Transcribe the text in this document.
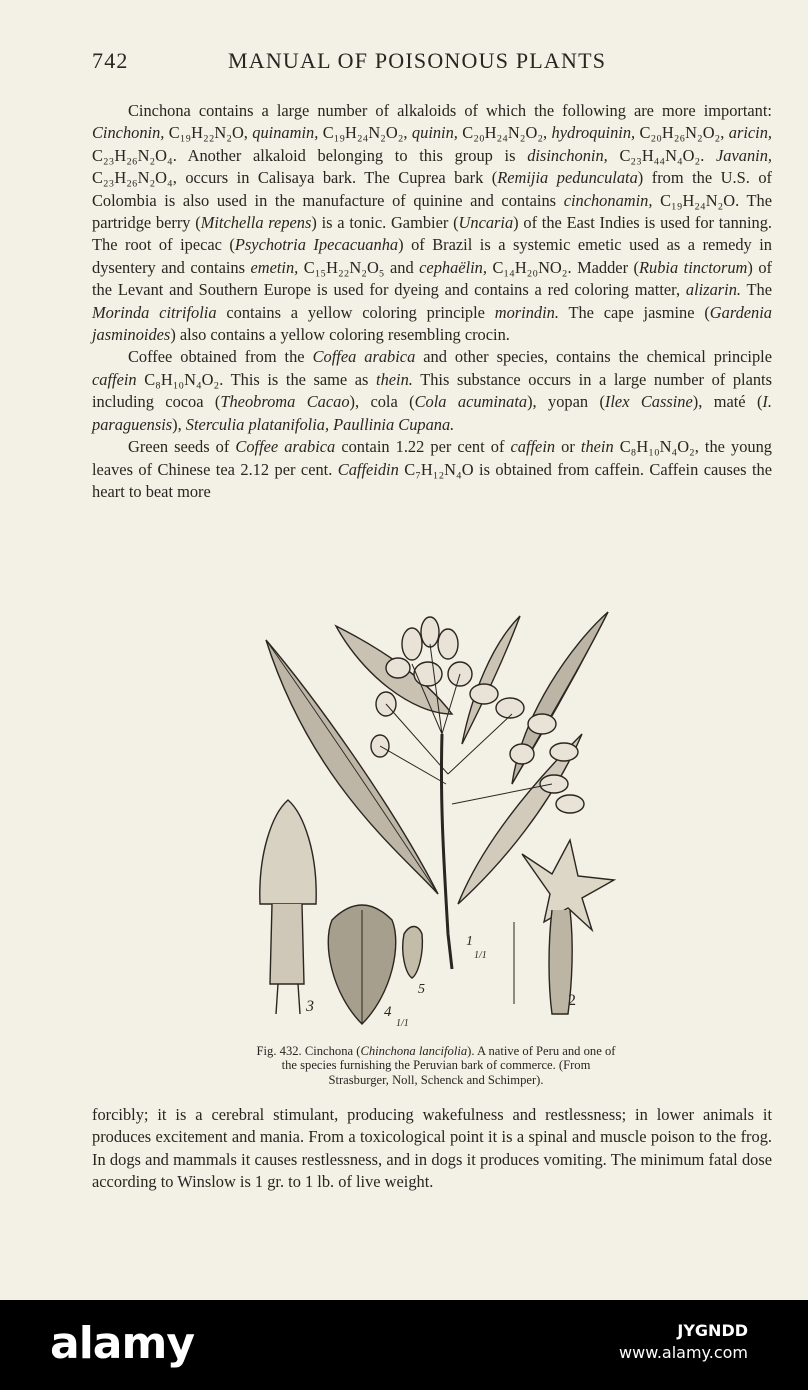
742	MANUAL OF POISONOUS PLANTS

Cinchona contains a large number of alkaloids of which the following are more important: Cinchonin, C₁₉H₂₂N₂O, quinamin, C₁₉H₂₄N₂O₂, quinin, C₂₀H₂₄N₂O₂, hydroquinin, C₂₀H₂₆N₂O₂, aricin, C₂₃H₂₆N₂O₄. Another alkaloid belonging to this group is disinchonin, C₂₃H₄₄N₄O₂. Javanin, C₂₃H₂₆N₂O₄, occurs in Calisaya bark. The Cuprea bark (Remijia pedunculata) from the U.S. of Colombia is also used in the manufacture of quinine and contains cinchonamin, C₁₉H₂₄N₂O. The partridge berry (Mitchella repens) is a tonic. Gambier (Uncaria) of the East Indies is used for tanning. The root of ipecac (Psychotria Ipecacuanha) of Brazil is a systemic emetic used as a remedy in dysentery and contains emetin, C₁₅H₂₂N₂O₅ and cephaëlin, C₁₄H₂₀NO₂. Madder (Rubia tinctorum) of the Levant and Southern Europe is used for dyeing and contains a red coloring matter, alizarin. The Morinda citrifolia contains a yellow coloring principle morindin. The cape jasmine (Gardenia jasminoides) also contains a yellow coloring resembling crocin.

Coffee obtained from the Coffea arabica and other species, contains the chemical principle caffein C₈H₁₀N₄O₂. This is the same as thein. This substance occurs in a large number of plants including cocoa (Theobroma Cacao), cola (Cola acuminata), yopan (Ilex Cassine), maté (I. paraguensis), Sterculia platanifolia, Paullinia Cupana.

Green seeds of Coffee arabica contain 1.22 per cent of caffein or thein C₈H₁₀N₄O₂, the young leaves of Chinese tea 2.12 per cent. Caffeidin C₇H₁₂N₄O is obtained from caffein. Caffein causes the heart to beat more

1
1/1
2
3	4
1/1
5
Fig. 432. Cinchona (Chinchona lancifolia). A native of Peru and one of the species furnishing the Peruvian bark of commerce. (From Strasburger, Noll, Schenck and Schimper).

forcibly; it is a cerebral stimulant, producing wakefulness and restlessness; in lower animals it produces excitement and mania. From a toxicological point it is a spinal and muscle poison to the frog. In dogs and mammals it causes restlessness, and in dogs it produces vomiting. The minimum fatal dose according to Winslow is 1 gr. to 1 lb. of live weight.

alamy	JYGNDD
www.alamy.com
